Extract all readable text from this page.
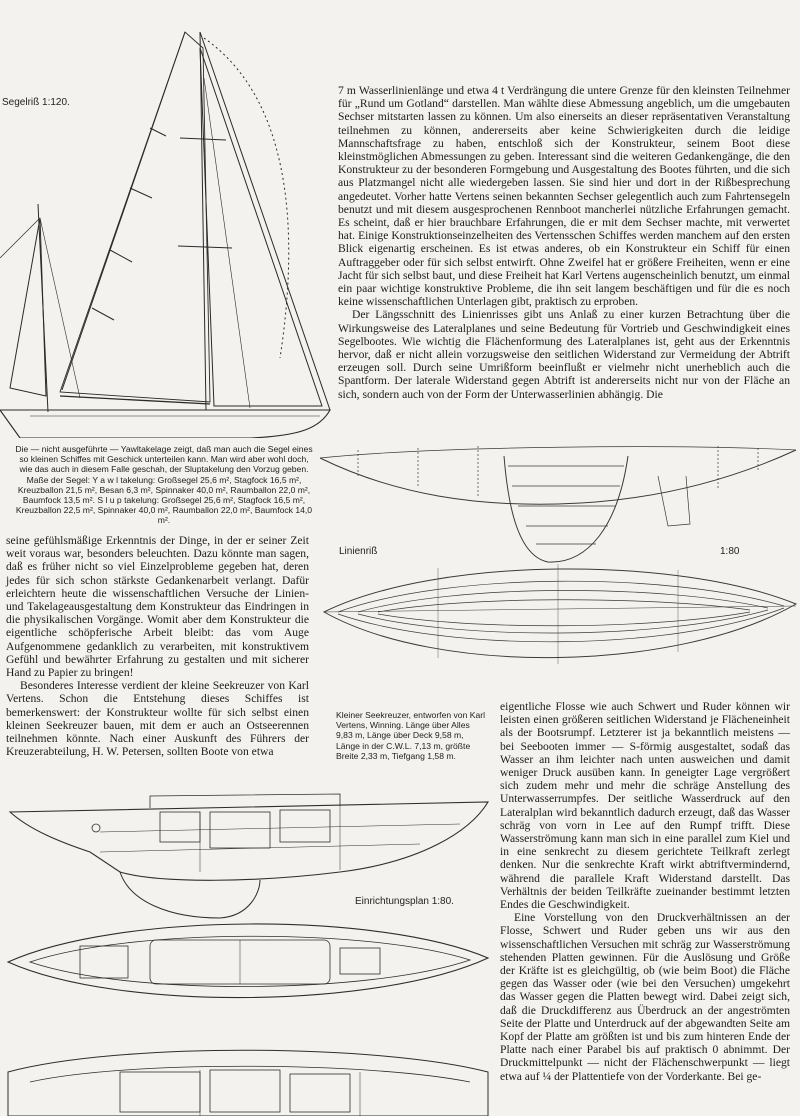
Segelriß 1:120.
Die — nicht ausgeführte — Yawltakelage zeigt, daß man auch die Segel eines so kleinen Schiffes mit Geschick unterteilen kann. Man wird aber wohl doch, wie das auch in diesem Falle geschah, der Sluptakelung den Vorzug geben. Maße der Segel: Y a w l takelung: Großsegel 25,6 m², Stagfock 16,5 m², Kreuzballon 21,5 m², Besan 6,3 m², Spinnaker 40,0 m², Raumballon 22,0 m², Baumfock 13,5 m². S l u p takelung: Großsegel 25,6 m², Stagfock 16,5 m², Kreuzballon 22,5 m², Spinnaker 40,0 m², Raumballon 22,0 m², Baumfock 14,0 m².

7 m Wasserlinienlänge und etwa 4 t Verdrängung die untere Grenze für den kleinsten Teilnehmer für „Rund um Gotland“ darstellen. Man wählte diese Abmessung angeblich, um die umgebauten Sechser mitstarten lassen zu können. Um also einerseits an dieser repräsentativen Veranstaltung teilnehmen zu können, andererseits aber keine Schwierigkeiten durch die leidige Mannschaftsfrage zu haben, entschloß sich der Konstrukteur, seinem Boot diese kleinstmöglichen Abmessungen zu geben. Interessant sind die weiteren Gedankengänge, die den Konstrukteur zu der besonderen Formgebung und Ausgestaltung des Bootes führten, und die sich aus Platzmangel nicht alle wiedergeben lassen. Sie sind hier und dort in der Rißbesprechung angedeutet. Vorher hatte Vertens seinen bekannten Sechser gelegentlich auch zum Fahrtensegeln benutzt und mit diesem ausgesprochenen Rennboot mancherlei nützliche Erfahrungen gemacht. Es scheint, daß er hier brauchbare Erfahrungen, die er mit dem Sechser machte, mit verwertet hat. Einige Konstruktionseinzelheiten des Vertensschen Schiffes werden manchem auf den ersten Blick eigenartig erscheinen. Es ist etwas anderes, ob ein Konstrukteur ein Schiff für einen Auftraggeber oder für sich selbst entwirft. Ohne Zweifel hat er größere Freiheiten, wenn er eine Jacht für sich selbst baut, und diese Freiheit hat Karl Vertens augenscheinlich benutzt, um einmal ein paar wichtige konstruktive Probleme, die ihn seit langem beschäftigen und für die es noch keine wissenschaftlichen Unterlagen gibt, praktisch zu erproben.

Der Längsschnitt des Linienrisses gibt uns Anlaß zu einer kurzen Betrachtung über die Wirkungsweise des Lateralplanes und seine Bedeutung für Vortrieb und Geschwindigkeit eines Segelbootes. Wie wichtig die Flächenformung des Lateralplanes ist, geht aus der Erkenntnis hervor, daß er nicht allein vorzugsweise den seitlichen Widerstand zur Vermeidung der Abtrift erzeugen soll. Durch seine Umrißform beeinflußt er vielmehr nicht unerheblich auch die Spantform. Der laterale Widerstand gegen Abtrift ist andererseits nicht nur von der Fläche an sich, sondern auch von der Form der Unterwasserlinien abhängig. Die

Linienriß	1:80

seine gefühlsmäßige Erkenntnis der Dinge, in der er seiner Zeit weit voraus war, besonders beleuchten. Dazu könnte man sagen, daß es früher nicht so viel Einzelprobleme gegeben hat, deren jedes für sich schon stärkste Gedankenarbeit verlangt. Dafür erleichtern heute die wissenschaftlichen Versuche der Linien- und Takelageausgestaltung dem Konstrukteur das Eindringen in die physikalischen Vorgänge. Womit aber dem Konstrukteur die eigentliche schöpferische Arbeit bleibt: das vom Auge Aufgenommene gedanklich zu verarbeiten, mit konstruktivem Gefühl und bewährter Erfahrung zu gestalten und mit sicherer Hand zu Papier zu bringen!

Besonderes Interesse verdient der kleine Seekreuzer von Karl Vertens. Schon die Entstehung dieses Schiffes ist bemerkenswert: der Konstrukteur wollte für sich selbst einen kleinen Seekreuzer bauen, mit dem er auch an Ostseerennen teilnehmen könnte. Nach einer Auskunft des Führers der Kreuzerabteilung, H. W. Petersen, sollten Boote von etwa

Kleiner Seekreuzer, entworfen von Karl Vertens, Winning. Länge über Alles 9,83 m, Länge über Deck 9,58 m, Länge in der C.W.L. 7,13 m, größte Breite 2,33 m, Tiefgang 1,58 m.

eigentliche Flosse wie auch Schwert und Ruder können wir leisten einen größeren seitlichen Widerstand je Flächeneinheit als der Bootsrumpf. Letzterer ist ja bekanntlich meistens — bei Seebooten immer — S-förmig ausgestaltet, sodaß das Wasser an ihm leichter nach unten ausweichen und damit weniger Druck ausüben kann. In geneigter Lage vergrößert sich zudem mehr und mehr die schräge Anstellung des Unterwasserrumpfes. Der seitliche Wasserdruck auf den Lateralplan wird bekanntlich dadurch erzeugt, daß das Wasser schräg von vorn in Lee auf den Rumpf trifft. Diese Wasserströmung kann man sich in eine parallel zum Kiel und in eine senkrecht zu diesem gerichtete Teilkraft zerlegt denken. Nur die senkrechte Kraft wirkt abtriftvermindernd, während die parallele Kraft Widerstand darstellt. Das Verhältnis der beiden Teilkräfte zueinander bestimmt letzten Endes die Geschwindigkeit.

Eine Vorstellung von den Druckverhältnissen an der Flosse, Schwert und Ruder geben uns wir aus den wissenschaftlichen Versuchen mit schräg zur Wasserströmung stehenden Platten gewinnen. Für die Auslösung und Größe der Kräfte ist es gleichgültig, ob (wie beim Boot) die Fläche gegen das Wasser oder (wie bei den Versuchen) umgekehrt das Wasser gegen die Platten bewegt wird. Dabei zeigt sich, daß die Druckdifferenz aus Überdruck an der angeströmten Seite der Platte und Unterdruck auf der abgewandten Seite am Kopf der Platte am größten ist und bis zum hinteren Ende der Platte nach einer Parabel bis auf praktisch 0 abnimmt. Der Druckmittelpunkt — nicht der Flächenschwerpunkt — liegt etwa auf ¼ der Plattentiefe von der Vorderkante. Bei ge-

Einrichtungsplan 1:80.
